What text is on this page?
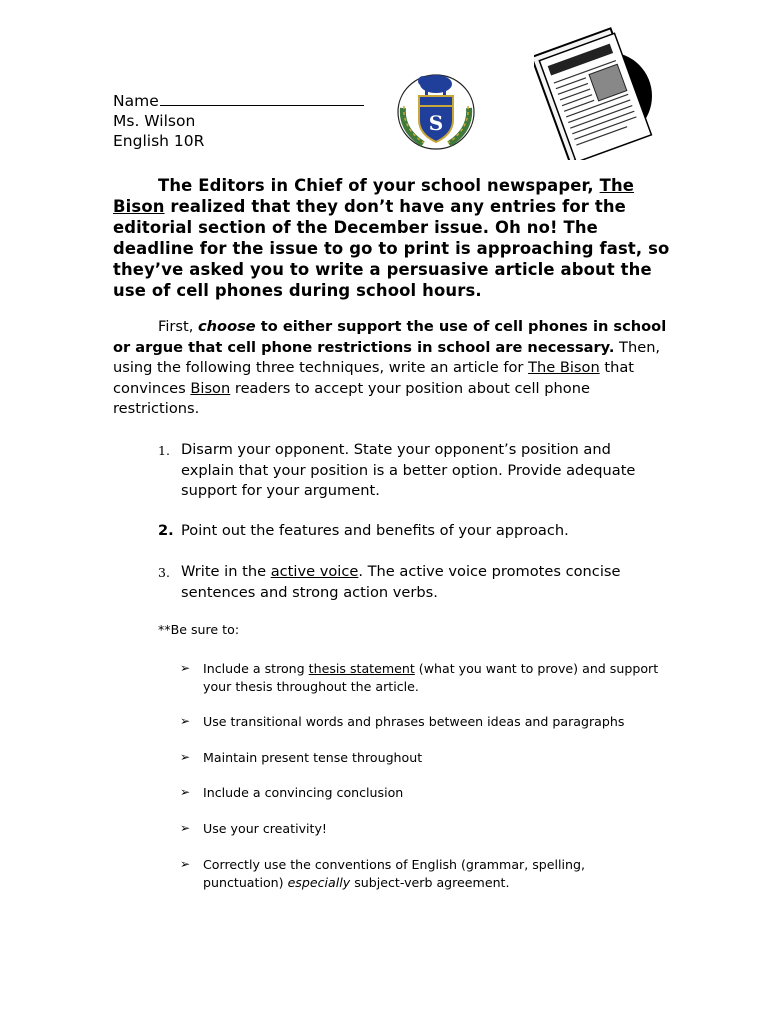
Name
Ms. Wilson
English 10R
S
The Editors in Chief of your school newspaper, The Bison realized that they don’t have any entries for the editorial section of the December issue. Oh no! The deadline for the issue to go to print is approaching fast, so they’ve asked you to write a persuasive article about the use of cell phones during school hours.
First, choose to either support the use of cell phones in school or argue that cell phone restrictions in school are necessary. Then, using the following three techniques, write an article for The Bison that convinces Bison readers to accept your position about cell phone restrictions.
1. Disarm your opponent. State your opponent’s position and explain that your position is a better option. Provide adequate support for your argument.
2. Point out the features and benefits of your approach.
3. Write in the active voice. The active voice promotes concise sentences and strong action verbs.
**Be sure to:
➢ Include a strong thesis statement (what you want to prove) and support your thesis throughout the article.
➢ Use transitional words and phrases between ideas and paragraphs
➢ Maintain present tense throughout
➢ Include a convincing conclusion
➢ Use your creativity!
➢ Correctly use the conventions of English (grammar, spelling, punctuation) especially subject-verb agreement.
